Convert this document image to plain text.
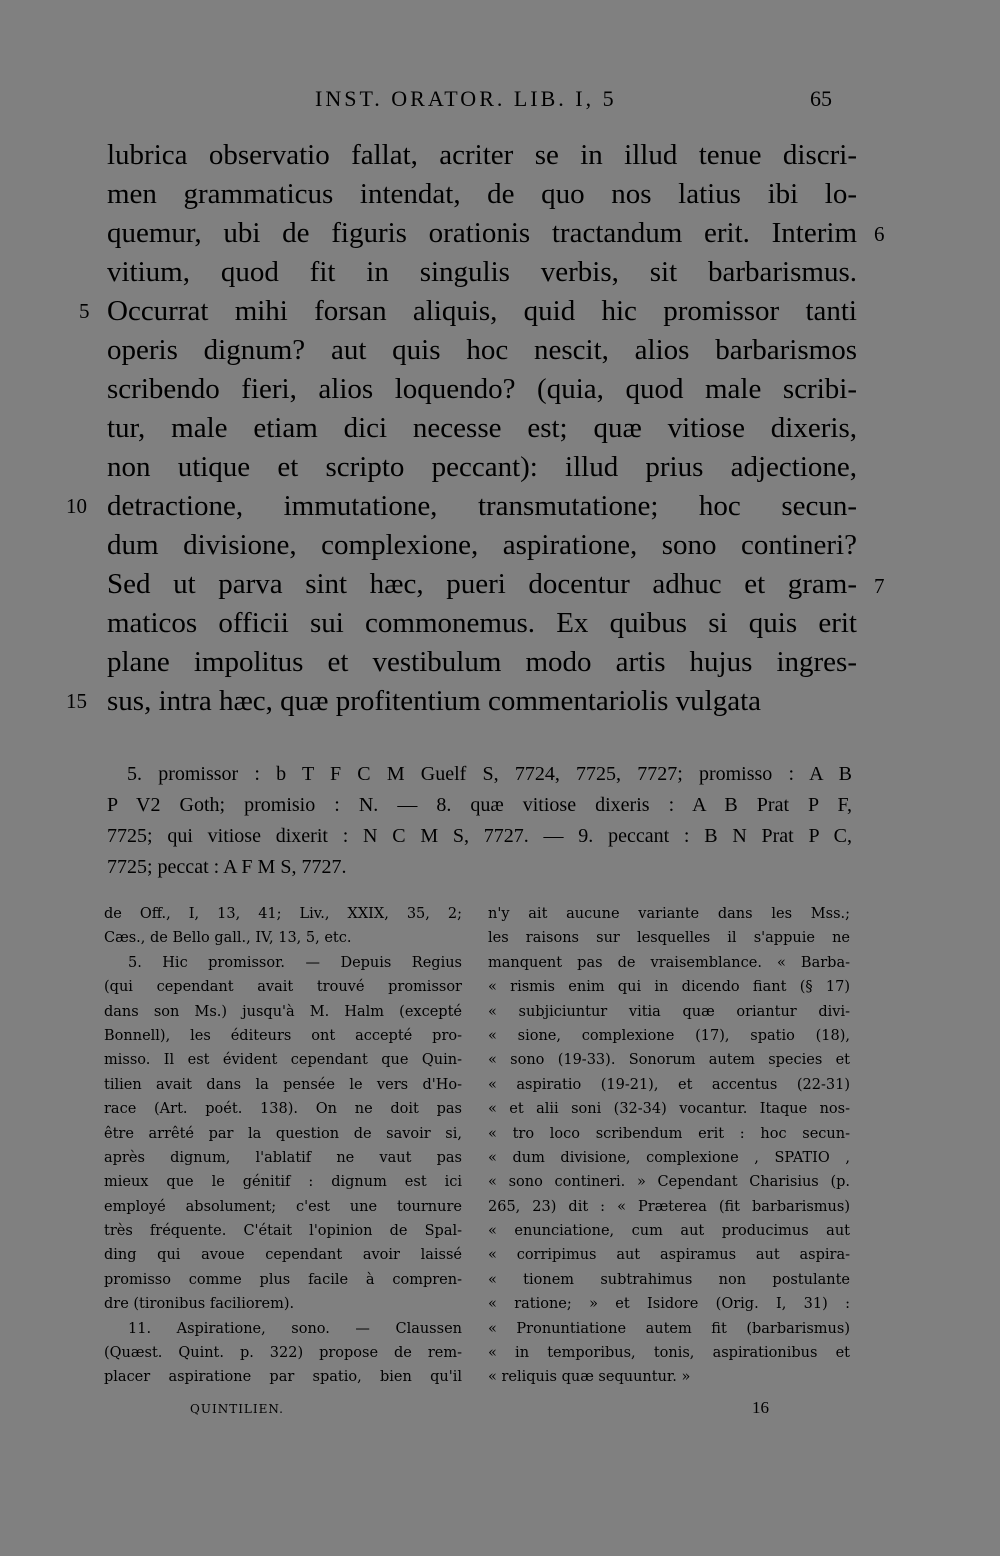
INST. ORATOR. LIB. I, 5	65
lubrica observatio fallat, acriter se in illud tenue discri-
men grammaticus intendat, de quo nos latius ibi lo-
quemur, ubi de figuris orationis tractandum erit. Interim
vitium, quod fit in singulis verbis, sit barbarismus.
Occurrat mihi forsan aliquis, quid hic promissor tanti
operis dignum? aut quis hoc nescit, alios barbarismos
scribendo fieri, alios loquendo? (quia, quod male scribi-
tur, male etiam dici necesse est; quæ vitiose dixeris,
non utique et scripto peccant): illud prius adjectione,
detractione, immutatione, transmutatione; hoc secun-
dum divisione, complexione, aspiratione, sono contineri?
Sed ut parva sint hæc, pueri docentur adhuc et gram-
maticos officii sui commonemus. Ex quibus si quis erit
plane impolitus et vestibulum modo artis hujus ingres-
sus, intra hæc, quæ profitentium commentariolis vulgata
5
10
15
6
7
5. promissor : b T F C M Guelf S, 7724, 7725, 7727; promisso : A B
P V2 Goth; promisio : N. — 8. quæ vitiose dixeris : A B Prat P F,
7725; qui vitiose dixerit : N C M S, 7727. — 9. peccant : B N Prat P C,
7725; peccat : A F M S, 7727.
de Off., I, 13, 41; Liv., XXIX, 35, 2;
Cæs., de Bello gall., IV, 13, 5, etc.
5. Hic promissor. — Depuis Regius
(qui cependant avait trouvé promissor
dans son Ms.) jusqu'à M. Halm (excepté
Bonnell), les éditeurs ont accepté pro-
misso. Il est évident cependant que Quin-
tilien avait dans la pensée le vers d'Ho-
race (Art. poét. 138). On ne doit pas
être arrêté par la question de savoir si,
après dignum, l'ablatif ne vaut pas
mieux que le génitif : dignum est ici
employé absolument; c'est une tournure
très fréquente. C'était l'opinion de Spal-
ding qui avoue cependant avoir laissé
promisso comme plus facile à compren-
dre (tironibus faciliorem).
11. Aspiratione, sono. — Claussen
(Quæst. Quint. p. 322) propose de rem-
placer aspiratione par spatio, bien qu'il
n'y ait aucune variante dans les Mss.;
les raisons sur lesquelles il s'appuie ne
manquent pas de vraisemblance. « Barba-
« rismis enim qui in dicendo fiant (§ 17)
« subjiciuntur vitia quæ oriantur divi-
« sione, complexione (17), spatio (18),
« sono (19-33). Sonorum autem species et
« aspiratio (19-21), et accentus (22-31)
« et alii soni (32-34) vocantur. Itaque nos-
« tro loco scribendum erit : hoc secun-
« dum divisione, complexione , SPATIO ,
« sono contineri. » Cependant Charisius (p.
265, 23) dit : « Præterea (fit barbarismus)
« enunciatione, cum aut producimus aut
« corripimus aut aspiramus aut aspira-
« tionem subtrahimus non postulante
« ratione; » et Isidore (Orig. I, 31) :
« Pronuntiatione autem fit (barbarismus)
« in temporibus, tonis, aspirationibus et
« reliquis quæ sequuntur. »
QUINTILIEN.	16
